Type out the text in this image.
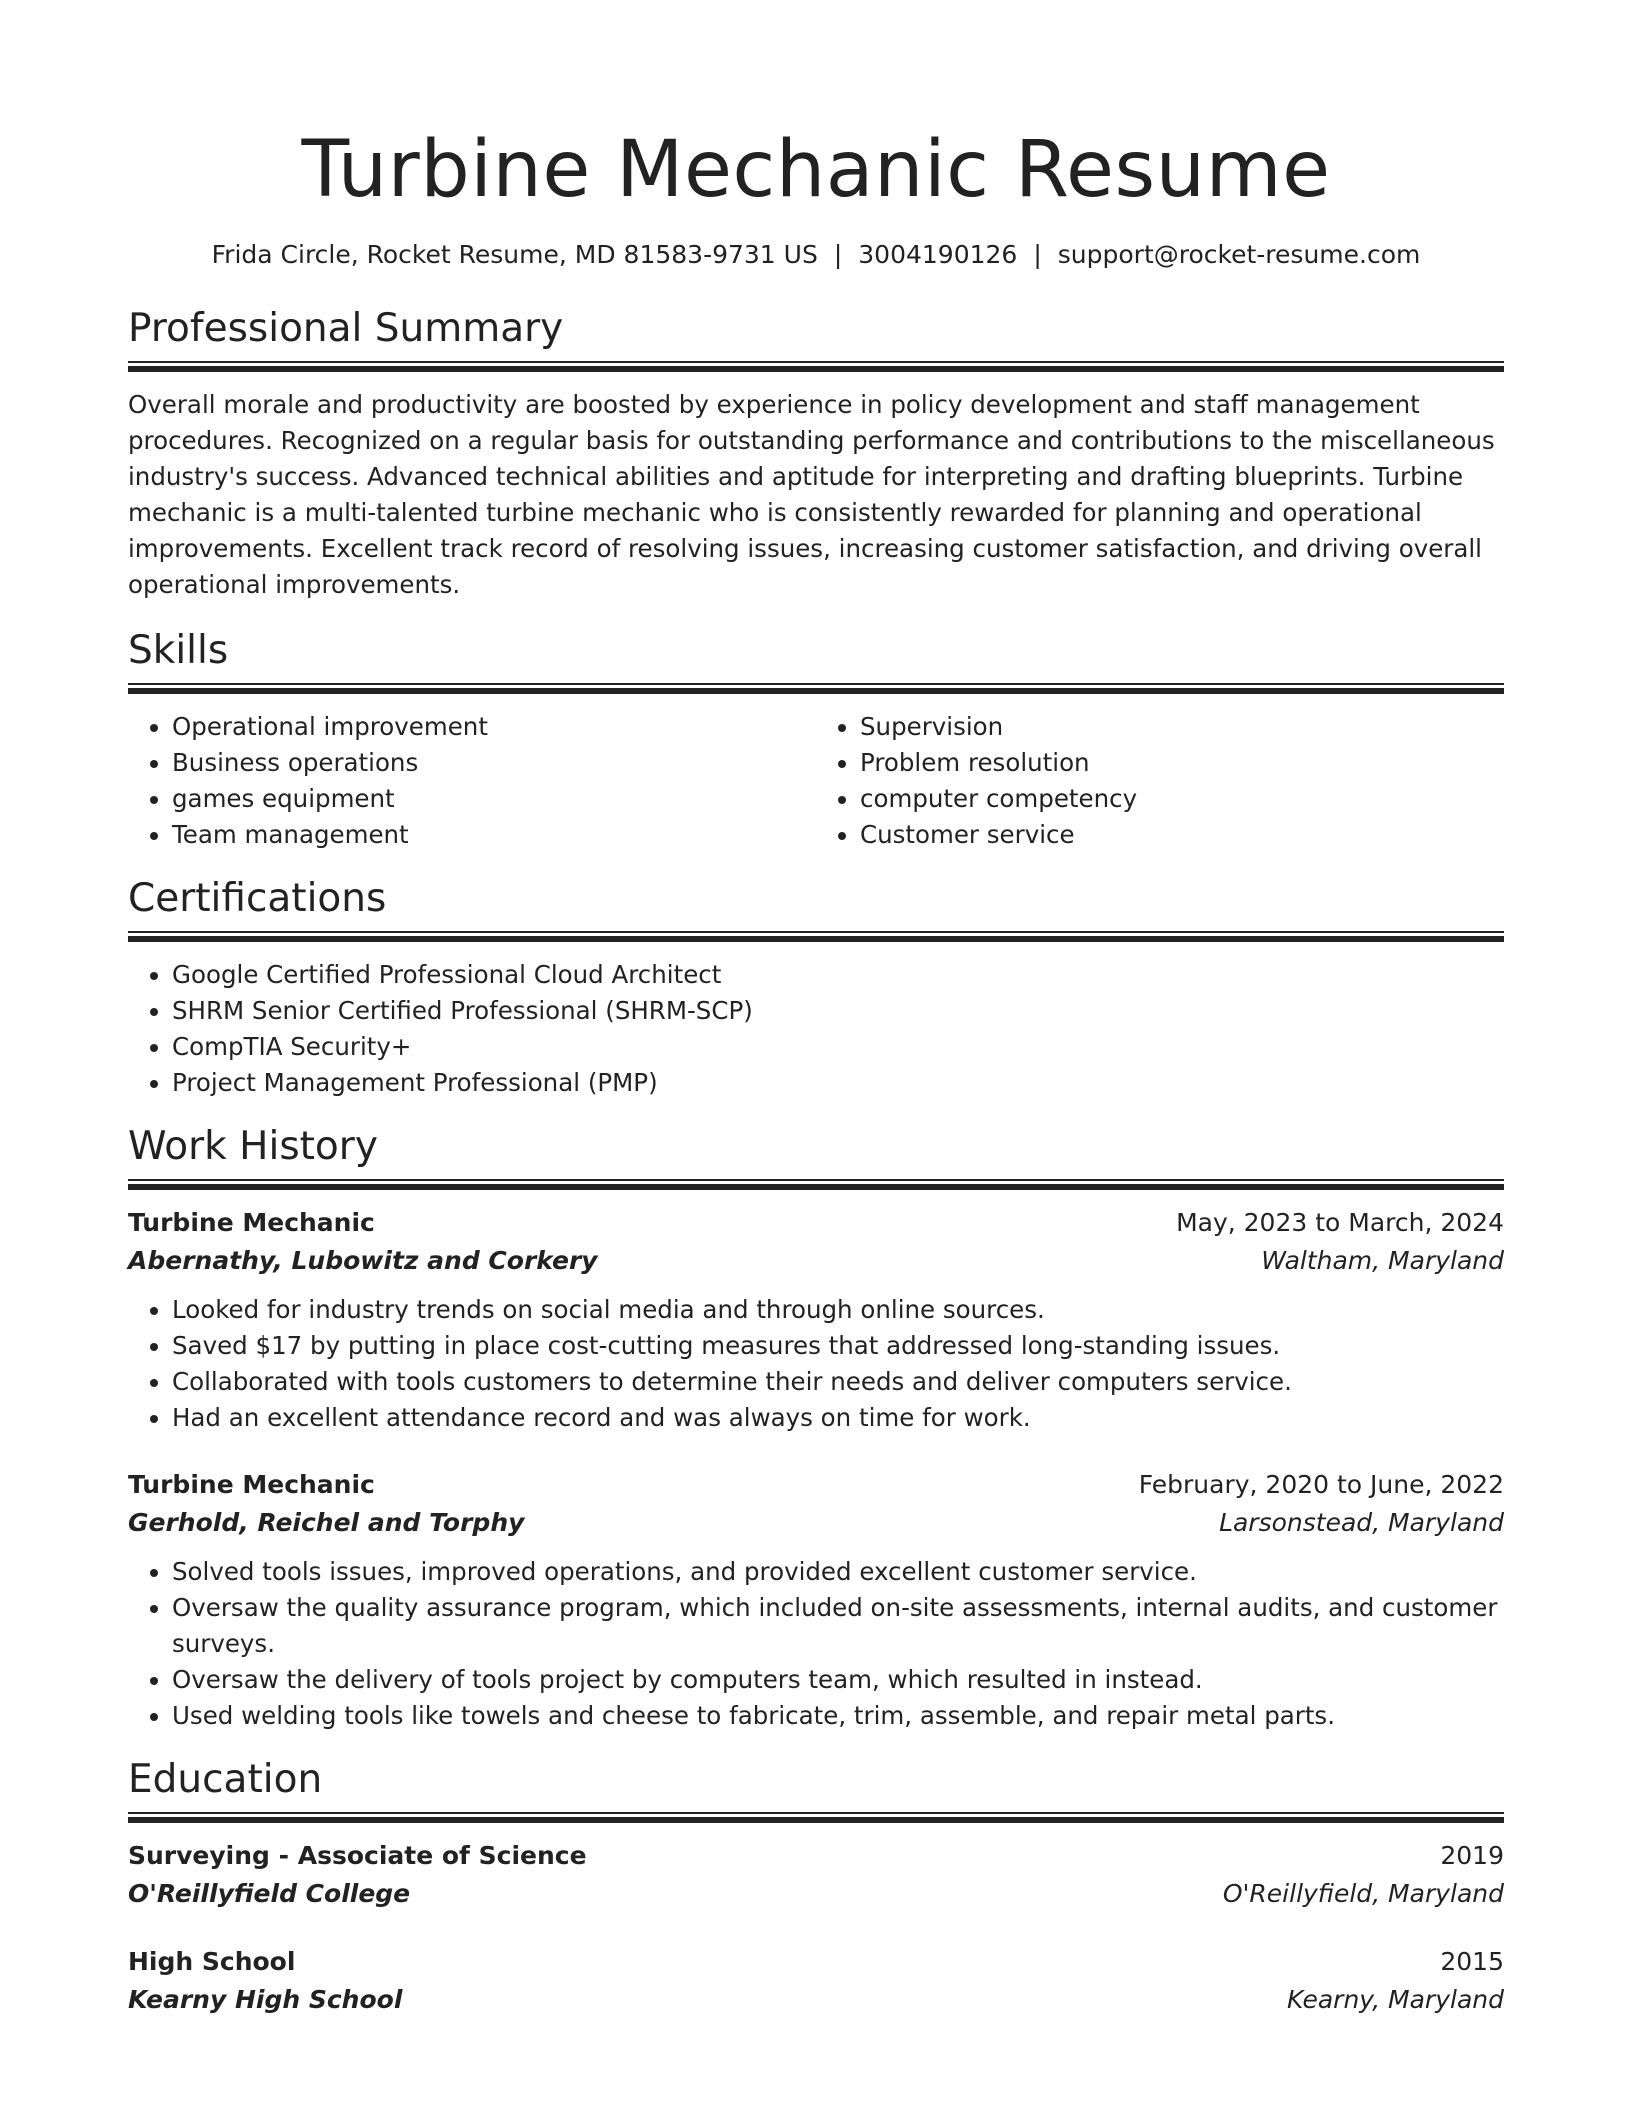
Turbine Mechanic Resume
Frida Circle, Rocket Resume, MD 81583-9731 US | 3004190126 | support@rocket-resume.com
Professional Summary

Overall morale and productivity are boosted by experience in policy development and staff management procedures. Recognized on a regular basis for outstanding performance and contributions to the miscellaneous industry's success. Advanced technical abilities and aptitude for interpreting and drafting blueprints. Turbine mechanic is a multi-talented turbine mechanic who is consistently rewarded for planning and operational improvements. Excellent track record of resolving issues, increasing customer satisfaction, and driving overall operational improvements.

Skills
• Operational improvement
• Business operations
• games equipment
• Team management
• Supervision
• Problem resolution
• computer competency
• Customer service
Certifications
• Google Certified Professional Cloud Architect
• SHRM Senior Certified Professional (SHRM-SCP)
• CompTIA Security+
• Project Management Professional (PMP)
Work History
Turbine Mechanic	May, 2023 to March, 2024
Abernathy, Lubowitz and Corkery	Waltham, Maryland
• Looked for industry trends on social media and through online sources.
• Saved $17 by putting in place cost-cutting measures that addressed long-standing issues.
• Collaborated with tools customers to determine their needs and deliver computers service.
• Had an excellent attendance record and was always on time for work.
Turbine Mechanic	February, 2020 to June, 2022
Gerhold, Reichel and Torphy	Larsonstead, Maryland
• Solved tools issues, improved operations, and provided excellent customer service.
• Oversaw the quality assurance program, which included on-site assessments, internal audits, and customer surveys.
• Oversaw the delivery of tools project by computers team, which resulted in instead.
• Used welding tools like towels and cheese to fabricate, trim, assemble, and repair metal parts.
Education
Surveying - Associate of Science	2019
O'Reillyfield College	O'Reillyfield, Maryland
High School	2015
Kearny High School	Kearny, Maryland
